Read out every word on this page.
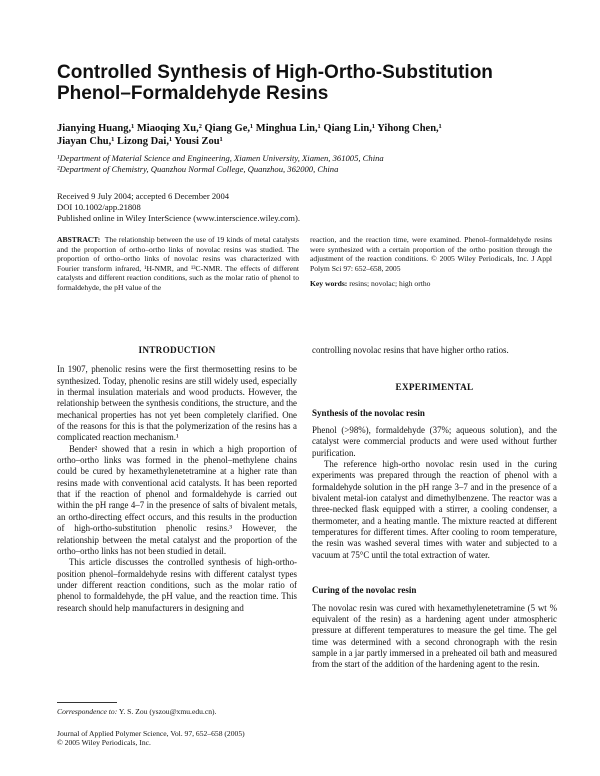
Controlled Synthesis of High-Ortho-Substitution Phenol–Formaldehyde Resins
Jianying Huang,¹ Miaoqing Xu,² Qiang Ge,¹ Minghua Lin,¹ Qiang Lin,¹ Yihong Chen,¹
Jiayan Chu,¹ Lizong Dai,¹ Yousi Zou¹
¹Department of Material Science and Engineering, Xiamen University, Xiamen, 361005, China
²Department of Chemistry, Quanzhou Normal College, Quanzhou, 362000, China
Received 9 July 2004; accepted 6 December 2004
DOI 10.1002/app.21808
Published online in Wiley InterScience (www.interscience.wiley.com).

ABSTRACT: The relationship between the use of 19 kinds of metal catalysts and the proportion of ortho–ortho links of novolac resins was studied. The proportion of ortho–ortho links of novolac resins was characterized with Fourier transform infrared, ¹H-NMR, and ¹³C-NMR. The effects of different catalysts and different reaction conditions, such as the molar ratio of phenol to formaldehyde, the pH value of the

reaction, and the reaction time, were examined. Phenol–formaldehyde resins were synthesized with a certain proportion of the ortho position through the adjustment of the reaction conditions. © 2005 Wiley Periodicals, Inc. J Appl Polym Sci 97: 652–658, 2005

Key words: resins; novolac; high ortho

INTRODUCTION

In 1907, phenolic resins were the first thermosetting resins to be synthesized. Today, phenolic resins are still widely used, especially in thermal insulation materials and wood products. However, the relationship between the synthesis conditions, the structure, and the mechanical properties has not yet been completely clarified. One of the reasons for this is that the polymerization of the resins has a complicated reaction mechanism.¹

Bender² showed that a resin in which a high proportion of ortho–ortho links was formed in the phenol–methylene chains could be cured by hexamethylenetetramine at a higher rate than resins made with conventional acid catalysts. It has been reported that if the reaction of phenol and formaldehyde is carried out within the pH range 4–7 in the presence of salts of bivalent metals, an ortho-directing effect occurs, and this results in the production of high-ortho-substitution phenolic resins.³ However, the relationship between the metal catalyst and the proportion of the ortho–ortho links has not been studied in detail.

This article discusses the controlled synthesis of high-ortho-position phenol–formaldehyde resins with different catalyst types under different reaction conditions, such as the molar ratio of phenol to formaldehyde, the pH value, and the reaction time. This research should help manufacturers in designing and

controlling novolac resins that have higher ortho ratios.

EXPERIMENTAL
Synthesis of the novolac resin

Phenol (>98%), formaldehyde (37%; aqueous solution), and the catalyst were commercial products and were used without further purification.

The reference high-ortho novolac resin used in the curing experiments was prepared through the reaction of phenol with a formaldehyde solution in the pH range 3–7 and in the presence of a bivalent metal-ion catalyst and dimethylbenzene. The reactor was a three-necked flask equipped with a stirrer, a cooling condenser, a thermometer, and a heating mantle. The mixture reacted at different temperatures for different times. After cooling to room temperature, the resin was washed several times with water and subjected to a vacuum at 75°C until the total extraction of water.

Curing of the novolac resin

The novolac resin was cured with hexamethylenetetramine (5 wt % equivalent of the resin) as a hardening agent under atmospheric pressure at different temperatures to measure the gel time. The gel time was determined with a second chronograph with the resin sample in a jar partly immersed in a preheated oil bath and measured from the start of the addition of the hardening agent to the resin.

Correspondence to: Y. S. Zou (yszou@xmu.edu.cn).
Journal of Applied Polymer Science, Vol. 97, 652–658 (2005)
© 2005 Wiley Periodicals, Inc.
